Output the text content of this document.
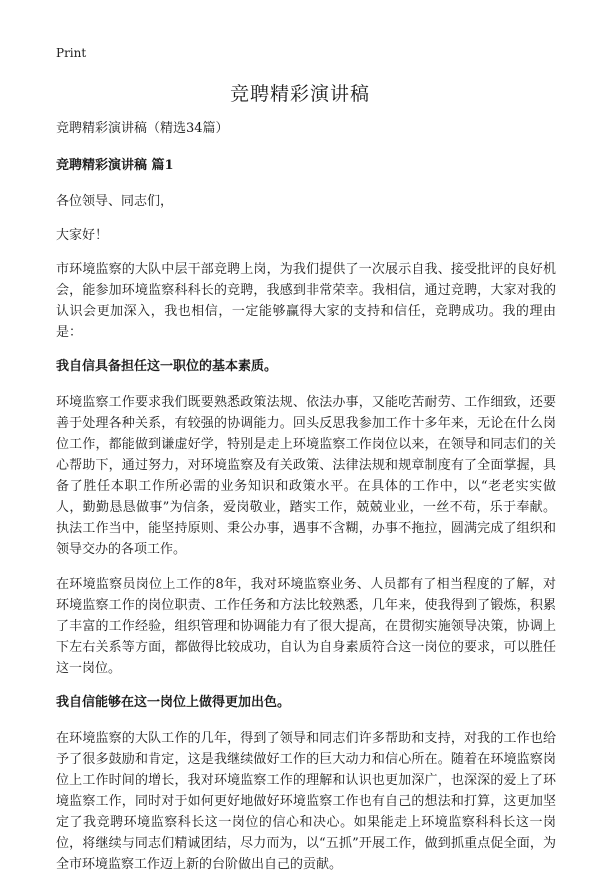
Print
竞聘精彩演讲稿

竞聘精彩演讲稿（精选34篇）

竞聘精彩演讲稿 篇1

各位领导、同志们，

大家好！

市环境监察的大队中层干部竞聘上岗，为我们提供了一次展示自我、接受批评的良好机会，能参加环境监察科科长的竞聘，我感到非常荣幸。我相信，通过竞聘，大家对我的认识会更加深入，我也相信，一定能够赢得大家的支持和信任，竞聘成功。我的理由是：

我自信具备担任这一职位的基本素质。

环境监察工作要求我们既要熟悉政策法规、依法办事，又能吃苦耐劳、工作细致，还要善于处理各种关系，有较强的协调能力。回头反思我参加工作十多年来，无论在什么岗位工作，都能做到谦虚好学，特别是走上环境监察工作岗位以来，在领导和同志们的关心帮助下，通过努力，对环境监察及有关政策、法律法规和规章制度有了全面掌握，具备了胜任本职工作所必需的业务知识和政策水平。在具体的工作中，以“老老实实做人，勤勤恳恳做事”为信条，爱岗敬业，踏实工作，兢兢业业，一丝不苟，乐于奉献。执法工作当中，能坚持原则、秉公办事，遇事不含糊，办事不拖拉，圆满完成了组织和领导交办的各项工作。

在环境监察员岗位上工作的8年，我对环境监察业务、人员都有了相当程度的了解，对环境监察工作的岗位职责、工作任务和方法比较熟悉，几年来，使我得到了锻炼，积累了丰富的工作经验，组织管理和协调能力有了很大提高，在贯彻实施领导决策，协调上下左右关系等方面，都做得比较成功，自认为自身素质符合这一岗位的要求，可以胜任这一岗位。

我自信能够在这一岗位上做得更加出色。

在环境监察的大队工作的几年，得到了领导和同志们许多帮助和支持，对我的工作也给予了很多鼓励和肯定，这是我继续做好工作的巨大动力和信心所在。随着在环境监察岗位上工作时间的增长，我对环境监察工作的理解和认识也更加深广，也深深的爱上了环境监察工作，同时对于如何更好地做好环境监察工作也有自己的想法和打算，这更加坚定了我竞聘环境监察科长这一岗位的信心和决心。如果能走上环境监察科科长这一岗位，将继续与同志们精诚团结，尽力而为，以“五抓”开展工作，做到抓重点促全面，为全市环境监察工作迈上新的台阶做出自己的贡献。
